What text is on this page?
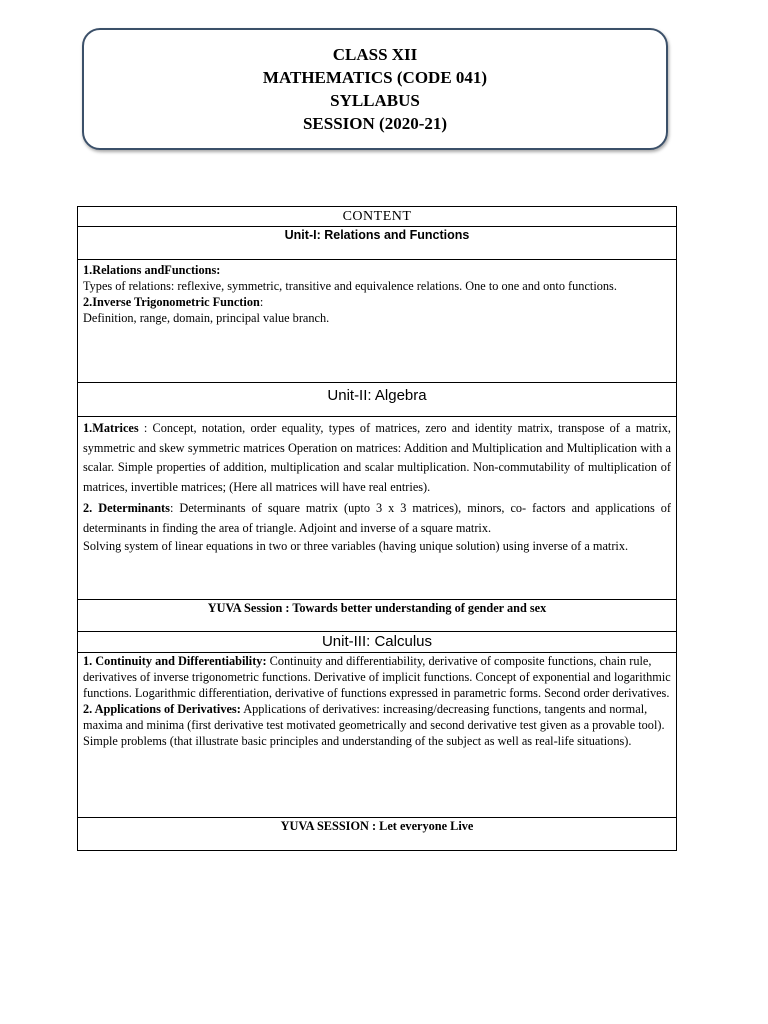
CLASS XII
MATHEMATICS (CODE 041)
SYLLABUS
SESSION (2020-21)
CONTENT
Unit-I: Relations and Functions

1.Relations andFunctions:

Types of relations: reflexive, symmetric, transitive and equivalence relations. One to one and onto functions.

2.Inverse Trigonometric Function:

Definition, range, domain, principal value branch.

Unit-II: Algebra

1.Matrices : Concept, notation, order equality, types of matrices, zero and identity matrix, transpose of a matrix, symmetric and skew symmetric matrices Operation on matrices: Addition and Multiplication and Multiplication with a scalar. Simple properties of addition, multiplication and scalar multiplication. Non-commutability of multiplication of matrices, invertible matrices; (Here all matrices will have real entries).

2. Determinants: Determinants of square matrix (upto 3 x 3 matrices), minors, co- factors and applications of determinants in finding the area of triangle. Adjoint and inverse of a square matrix.

Solving system of linear equations in two or three variables (having unique solution) using inverse of a matrix.

YUVA Session : Towards better understanding of gender and sex
Unit-III: Calculus

1. Continuity and Differentiability: Continuity and differentiability, derivative of composite functions, chain rule, derivatives of inverse trigonometric functions. Derivative of implicit functions. Concept of exponential and logarithmic functions. Logarithmic differentiation, derivative of functions expressed in parametric forms. Second order derivatives.

2. Applications of Derivatives: Applications of derivatives: increasing/decreasing functions, tangents and normal, maxima and minima (first derivative test motivated geometrically and second derivative test given as a provable tool). Simple problems (that illustrate basic principles and understanding of the subject as well as real-life situations).

YUVA SESSION : Let everyone Live
